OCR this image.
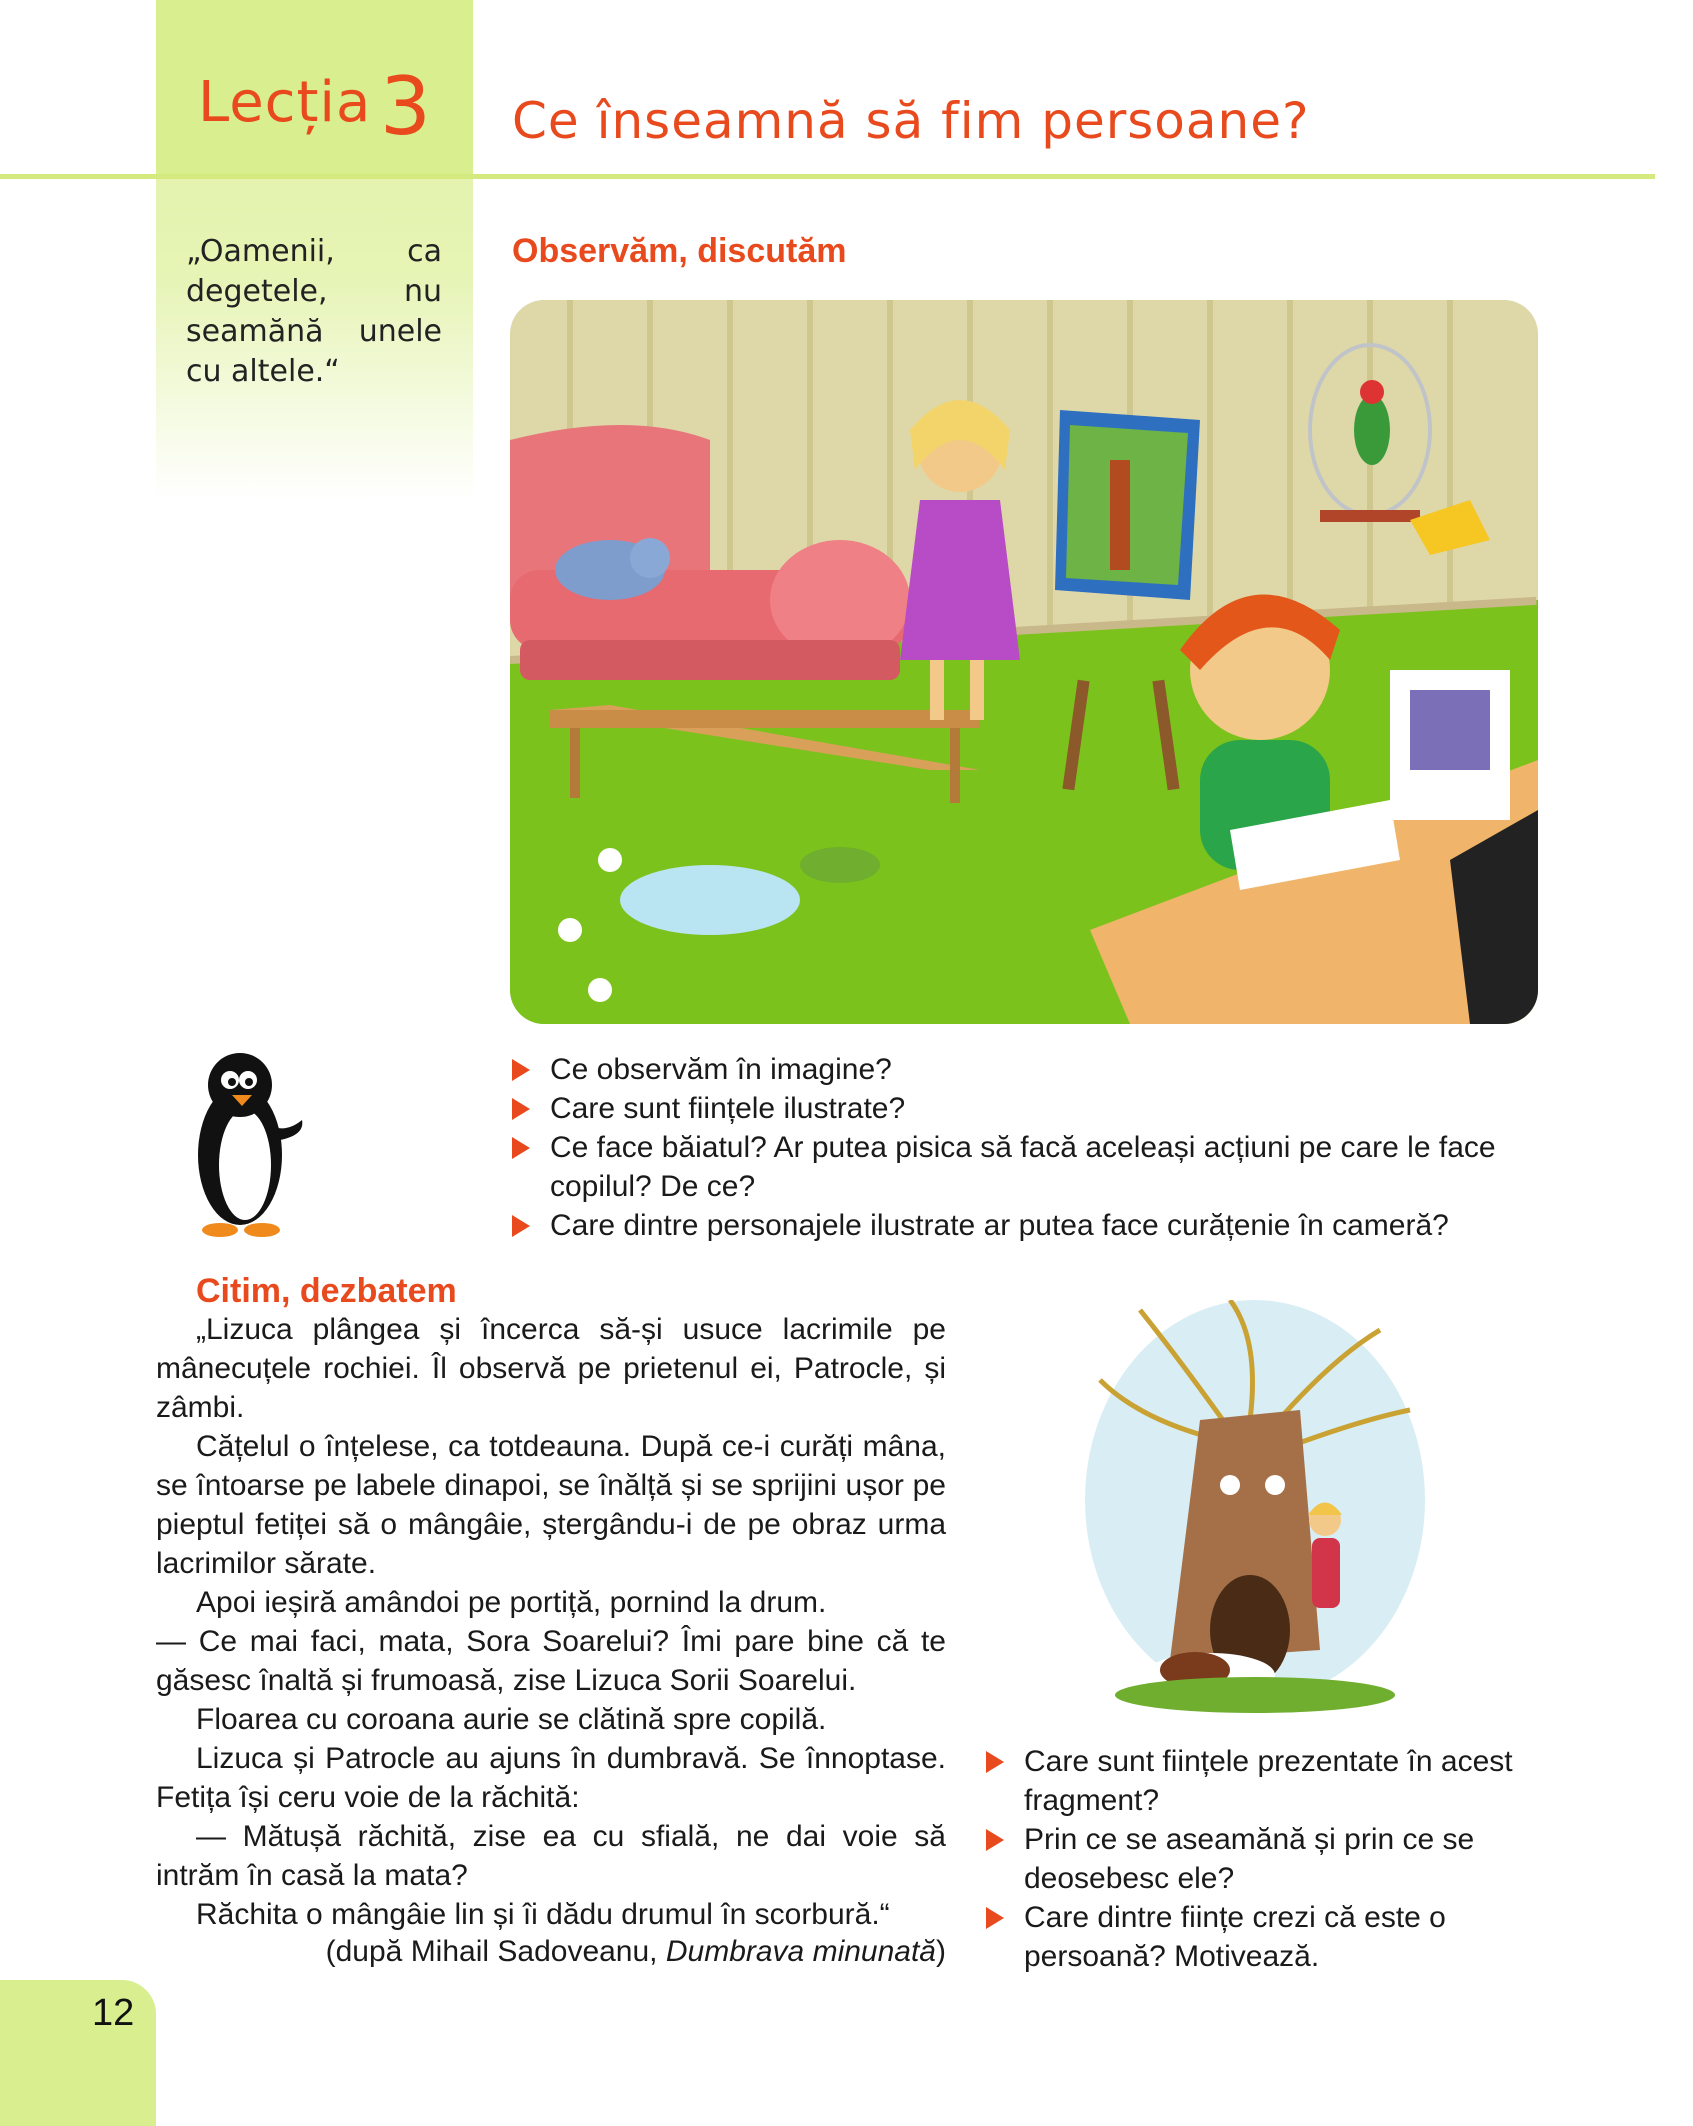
Lecția 3 Ce înseamnă să fim persoane?
„Oamenii, ca degetele, nu seamănă unele cu altele.“
Observăm, discutăm
Ce observăm în imagine?
Care sunt ființele ilustrate?
Ce face băiatul? Ar putea pisica să facă aceleași acțiuni pe care le face copilul? De ce?
Care dintre personajele ilustrate ar putea face curățenie în cameră?
Citim, dezbatem

„Lizuca plângea și încerca să-și usuce lacrimile pe mânecuțele rochiei. Îl observă pe prietenul ei, Patrocle, și zâmbi.

Cățelul o înțelese, ca totdeauna. După ce-i curăți mâna, se întoarse pe labele dinapoi, se înălță și se sprijini ușor pe pieptul fetiței să o mângâie, ștergându-i de pe obraz urma lacrimilor sărate.

Apoi ieșiră amândoi pe portiță, pornind la drum.

— Ce mai faci, mata, Sora Soarelui? Îmi pare bine că te găsesc înaltă și frumoasă, zise Lizuca Sorii Soarelui.

Floarea cu coroana aurie se clătină spre copilă.

Lizuca și Patrocle au ajuns în dumbravă. Se înnoptase. Fetița își ceru voie de la răchită:

— Mătușă răchită, zise ea cu sfială, ne dai voie să intrăm în casă la mata?

Răchita o mângâie lin și îi dădu drumul în scorbură.“

(după Mihail Sadoveanu, Dumbrava minunată)
Care sunt ființele prezentate în acest fragment?
Prin ce se aseamănă și prin ce se deosebesc ele?
Care dintre ființe crezi că este o persoană? Motivează.
12
